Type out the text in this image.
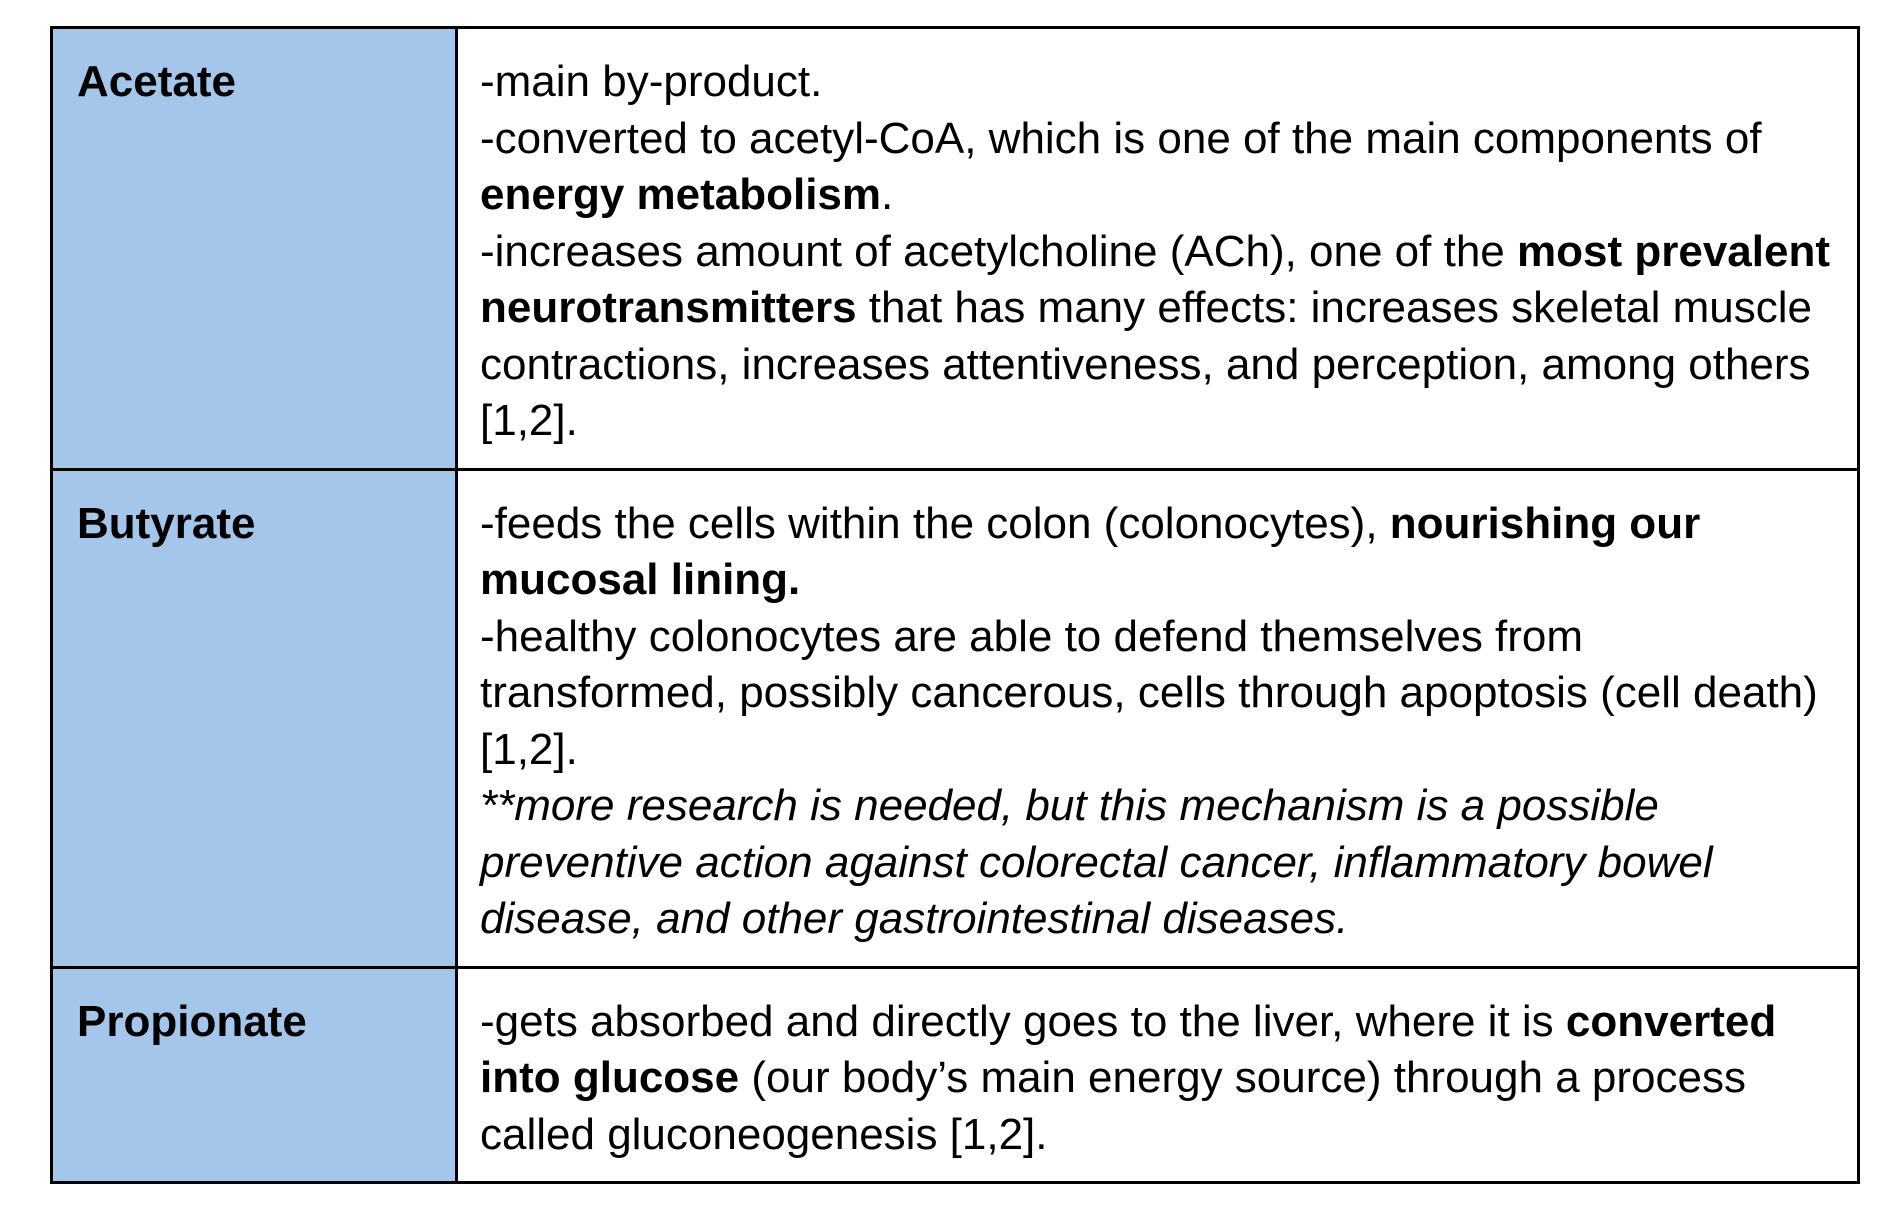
Acetate	-main by-product.
-converted to acetyl-CoA, which is one of the main components of energy metabolism.
-increases amount of acetylcholine (ACh), one of the most prevalent neurotransmitters that has many effects: increases skeletal muscle contractions, increases attentiveness, and perception, among others [1,2].

Butyrate	-feeds the cells within the colon (colonocytes), nourishing our mucosal lining.
-healthy colonocytes are able to defend themselves from transformed, possibly cancerous, cells through apoptosis (cell death) [1,2].
**more research is needed, but this mechanism is a possible preventive action against colorectal cancer, inflammatory bowel disease, and other gastrointestinal diseases.

Propionate	-gets absorbed and directly goes to the liver, where it is converted into glucose (our body’s main energy source) through a process called gluconeogenesis [1,2].
